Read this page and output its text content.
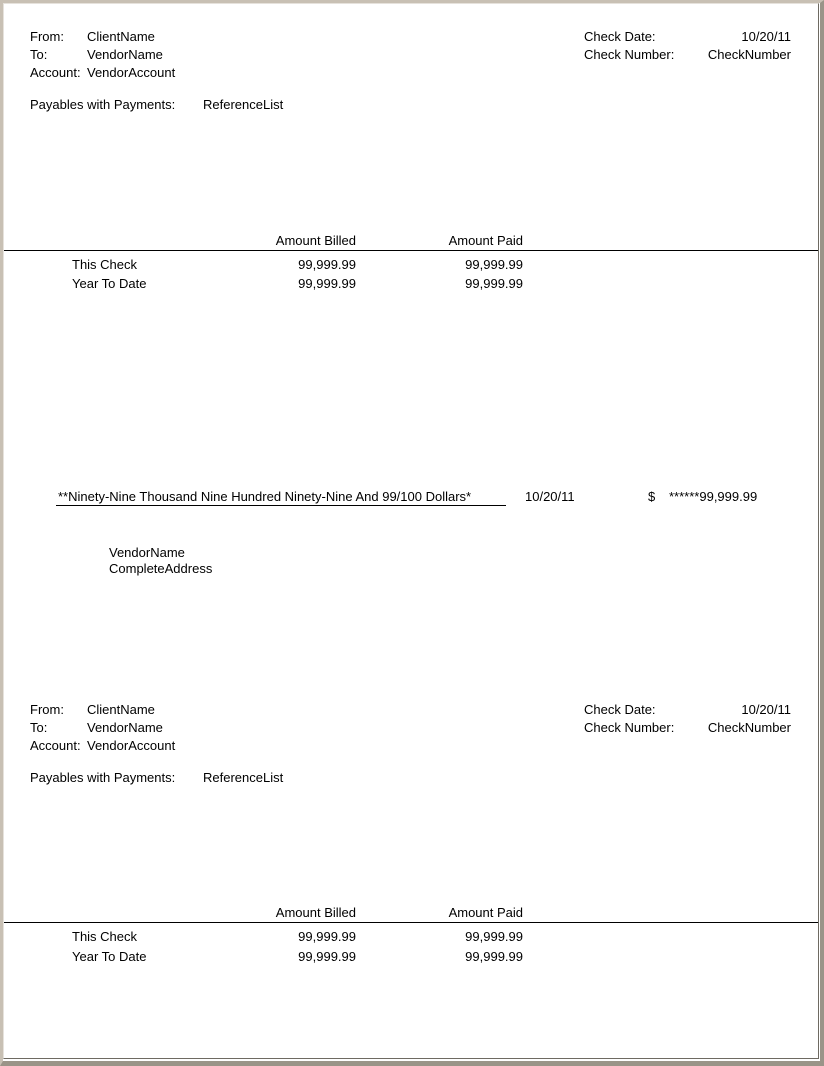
From: ClientName
To:	VendorName
Account: VendorAccount
Check Date:	10/20/11
Check Number:	CheckNumber
Payables with Payments: ReferenceList
Amount Billed	Amount Paid
This Check	99,999.99	99,999.99
Year To Date	99,999.99	99,999.99
**Ninety-Nine Thousand Nine Hundred Ninety-Nine And 99/100 Dollars*	10/20/11	$ ******99,999.99
VendorName
CompleteAddress
From: ClientName
To:	VendorName
Account: VendorAccount
Check Date:	10/20/11
Check Number:	CheckNumber
Payables with Payments: ReferenceList
Amount Billed	Amount Paid
This Check	99,999.99	99,999.99
Year To Date	99,999.99	99,999.99
